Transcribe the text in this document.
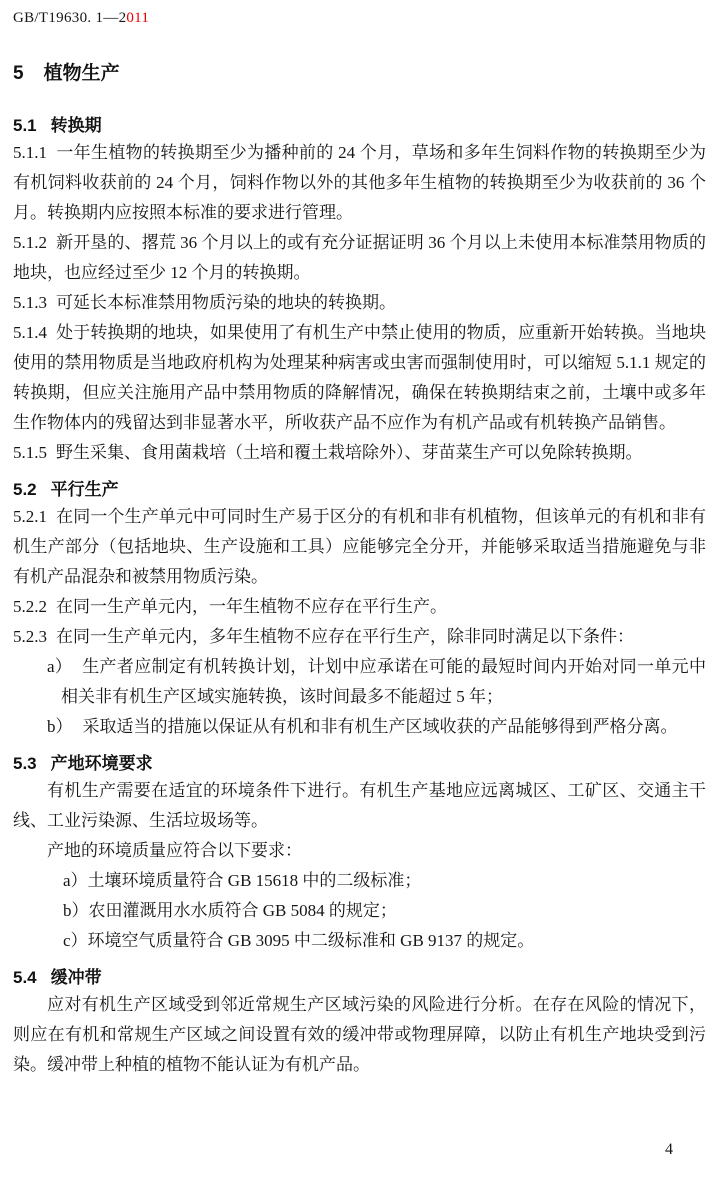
GB/T19630. 1—2011
5 植物生产
5.1 转换期

5.1.1 一年生植物的转换期至少为播种前的 24 个月，草场和多年生饲料作物的转换期至少为有机饲料收获前的 24 个月，饲料作物以外的其他多年生植物的转换期至少为收获前的 36 个月。转换期内应按照本标准的要求进行管理。

5.1.2 新开垦的、撂荒 36 个月以上的或有充分证据证明 36 个月以上未使用本标准禁用物质的地块，也应经过至少 12 个月的转换期。

5.1.3 可延长本标准禁用物质污染的地块的转换期。

5.1.4 处于转换期的地块，如果使用了有机生产中禁止使用的物质，应重新开始转换。当地块使用的禁用物质是当地政府机构为处理某种病害或虫害而强制使用时，可以缩短 5.1.1 规定的转换期，但应关注施用产品中禁用物质的降解情况，确保在转换期结束之前，土壤中或多年生作物体内的残留达到非显著水平，所收获产品不应作为有机产品或有机转换产品销售。

5.1.5 野生采集、食用菌栽培（土培和覆土栽培除外）、芽苗菜生产可以免除转换期。

5.2 平行生产

5.2.1 在同一个生产单元中可同时生产易于区分的有机和非有机植物，但该单元的有机和非有机生产部分（包括地块、生产设施和工具）应能够完全分开，并能够采取适当措施避免与非有机产品混杂和被禁用物质污染。

5.2.2 在同一生产单元内，一年生植物不应存在平行生产。

5.2.3 在同一生产单元内，多年生植物不应存在平行生产，除非同时满足以下条件：

a） 生产者应制定有机转换计划，计划中应承诺在可能的最短时间内开始对同一单元中相关非有机生产区域实施转换，该时间最多不能超过 5 年；

b） 采取适当的措施以保证从有机和非有机生产区域收获的产品能够得到严格分离。

5.3 产地环境要求

有机生产需要在适宜的环境条件下进行。有机生产基地应远离城区、工矿区、交通主干线、工业污染源、生活垃圾场等。

产地的环境质量应符合以下要求：

a）土壤环境质量符合 GB 15618 中的二级标准；

b）农田灌溉用水水质符合 GB 5084 的规定；

c）环境空气质量符合 GB 3095 中二级标准和 GB 9137 的规定。

5.4 缓冲带

应对有机生产区域受到邻近常规生产区域污染的风险进行分析。在存在风险的情况下，则应在有机和常规生产区域之间设置有效的缓冲带或物理屏障，以防止有机生产地块受到污染。缓冲带上种植的植物不能认证为有机产品。

4
